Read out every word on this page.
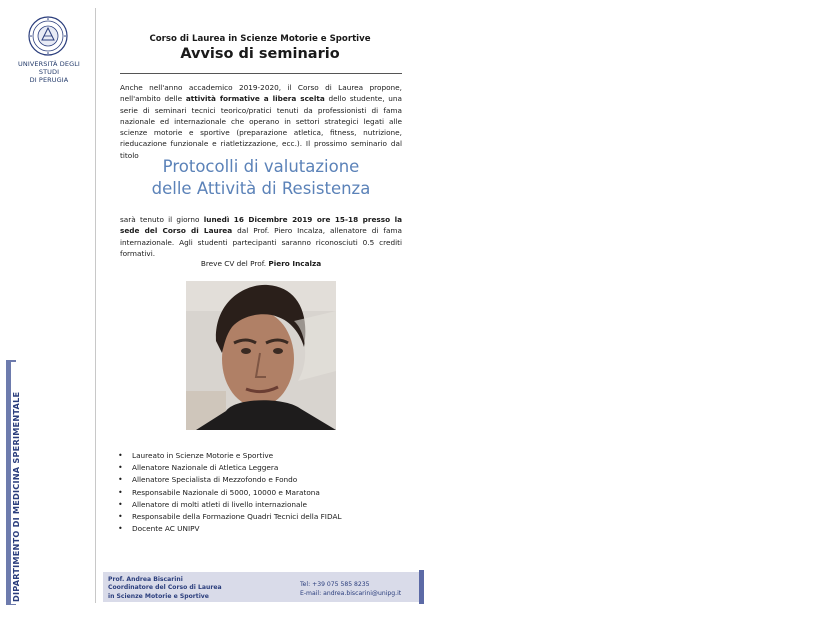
UNIVERSITÀ DEGLI STUDI
DI PERUGIA
DIPARTIMENTO DI MEDICINA SPERIMENTALE
Corso di Laurea in Scienze Motorie e Sportive
Avviso di seminario
Anche nell'anno accademico 2019-2020, il Corso di Laurea propone, nell'ambito delle attività formative a libera scelta dello studente, una serie di seminari tecnici teorico/pratici tenuti da professionisti di fama nazionale ed internazionale che operano in settori strategici legati alle scienze motorie e sportive (preparazione atletica, fitness, nutrizione, rieducazione funzionale e riatletizzazione, ecc.). Il prossimo seminario dal titolo
Protocolli di valutazione
delle Attività di Resistenza
sarà tenuto il giorno lunedì 16 Dicembre 2019 ore 15-18 presso la sede del Corso di Laurea dal Prof. Piero Incalza, allenatore di fama internazionale. Agli studenti partecipanti saranno riconosciuti 0.5 crediti formativi.
Breve CV del Prof. Piero Incalza
• Laureato in Scienze Motorie e Sportive
• Allenatore Nazionale di Atletica Leggera
• Allenatore Specialista di Mezzofondo e Fondo
• Responsabile Nazionale di 5000, 10000 e Maratona
• Allenatore di molti atleti di livello internazionale
• Responsabile della Formazione Quadri Tecnici della FIDAL
• Docente AC UNIPV
Prof. Andrea Biscarini
Coordinatore del Corso di Laurea
in Scienze Motorie e Sportive
Tel: +39 075 585 8235
E-mail: andrea.biscarini@unipg.it
